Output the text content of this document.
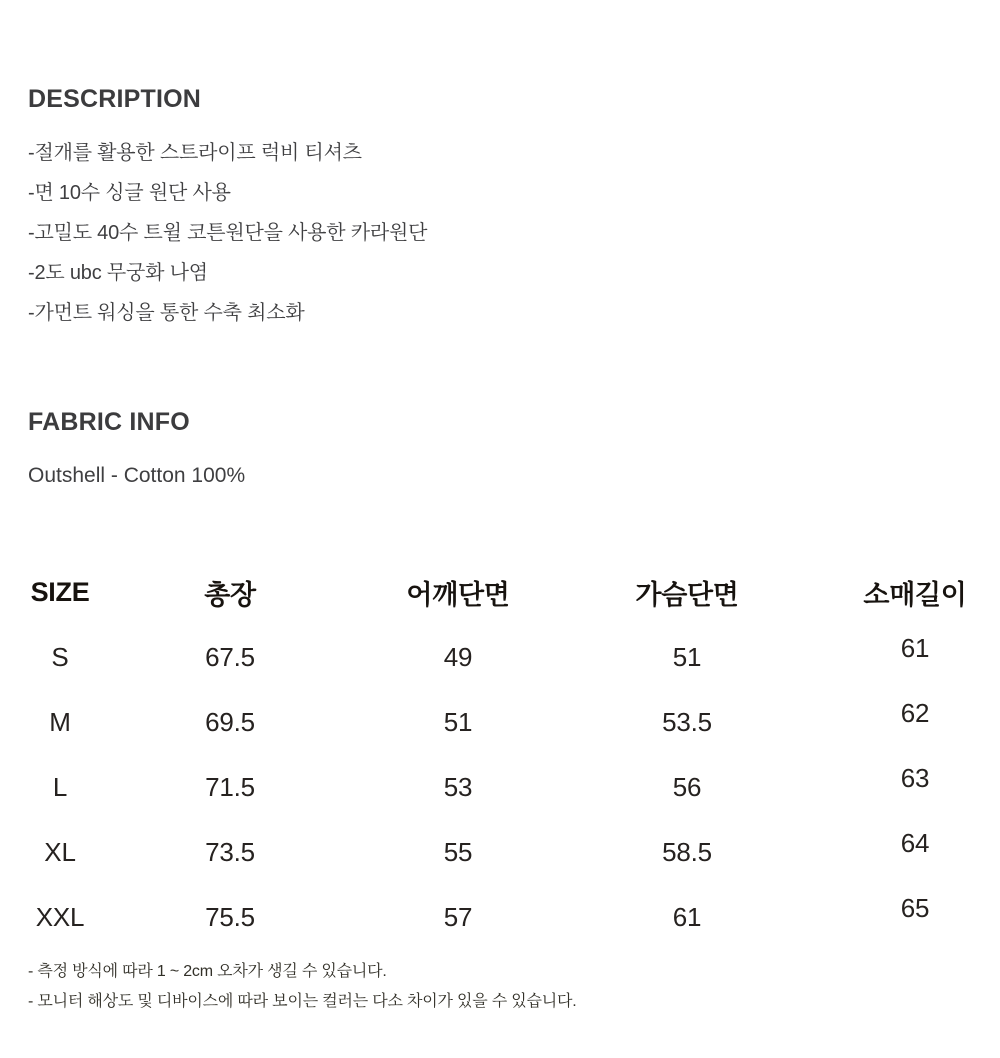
DESCRIPTION
-절개를 활용한 스트라이프 럭비 티셔츠
-면 10수 싱글 원단 사용
-고밀도 40수 트윌 코튼원단을 사용한 카라원단
-2도 ubc 무궁화 나염
-가먼트 워싱을 통한 수축 최소화
FABRIC INFO
Outshell - Cotton 100%
SIZE	총장	어깨단면	가슴단면	소매길이
S	67.5	49	51	61
M	69.5	51	53.5	62
L	71.5	53	56	63
XL	73.5	55	58.5	64
XXL	75.5	57	61	65
- 측정 방식에 따라 1 ~ 2cm 오차가 생길 수 있습니다.
- 모니터 해상도 및 디바이스에 따라 보이는 컬러는 다소 차이가 있을 수 있습니다.
